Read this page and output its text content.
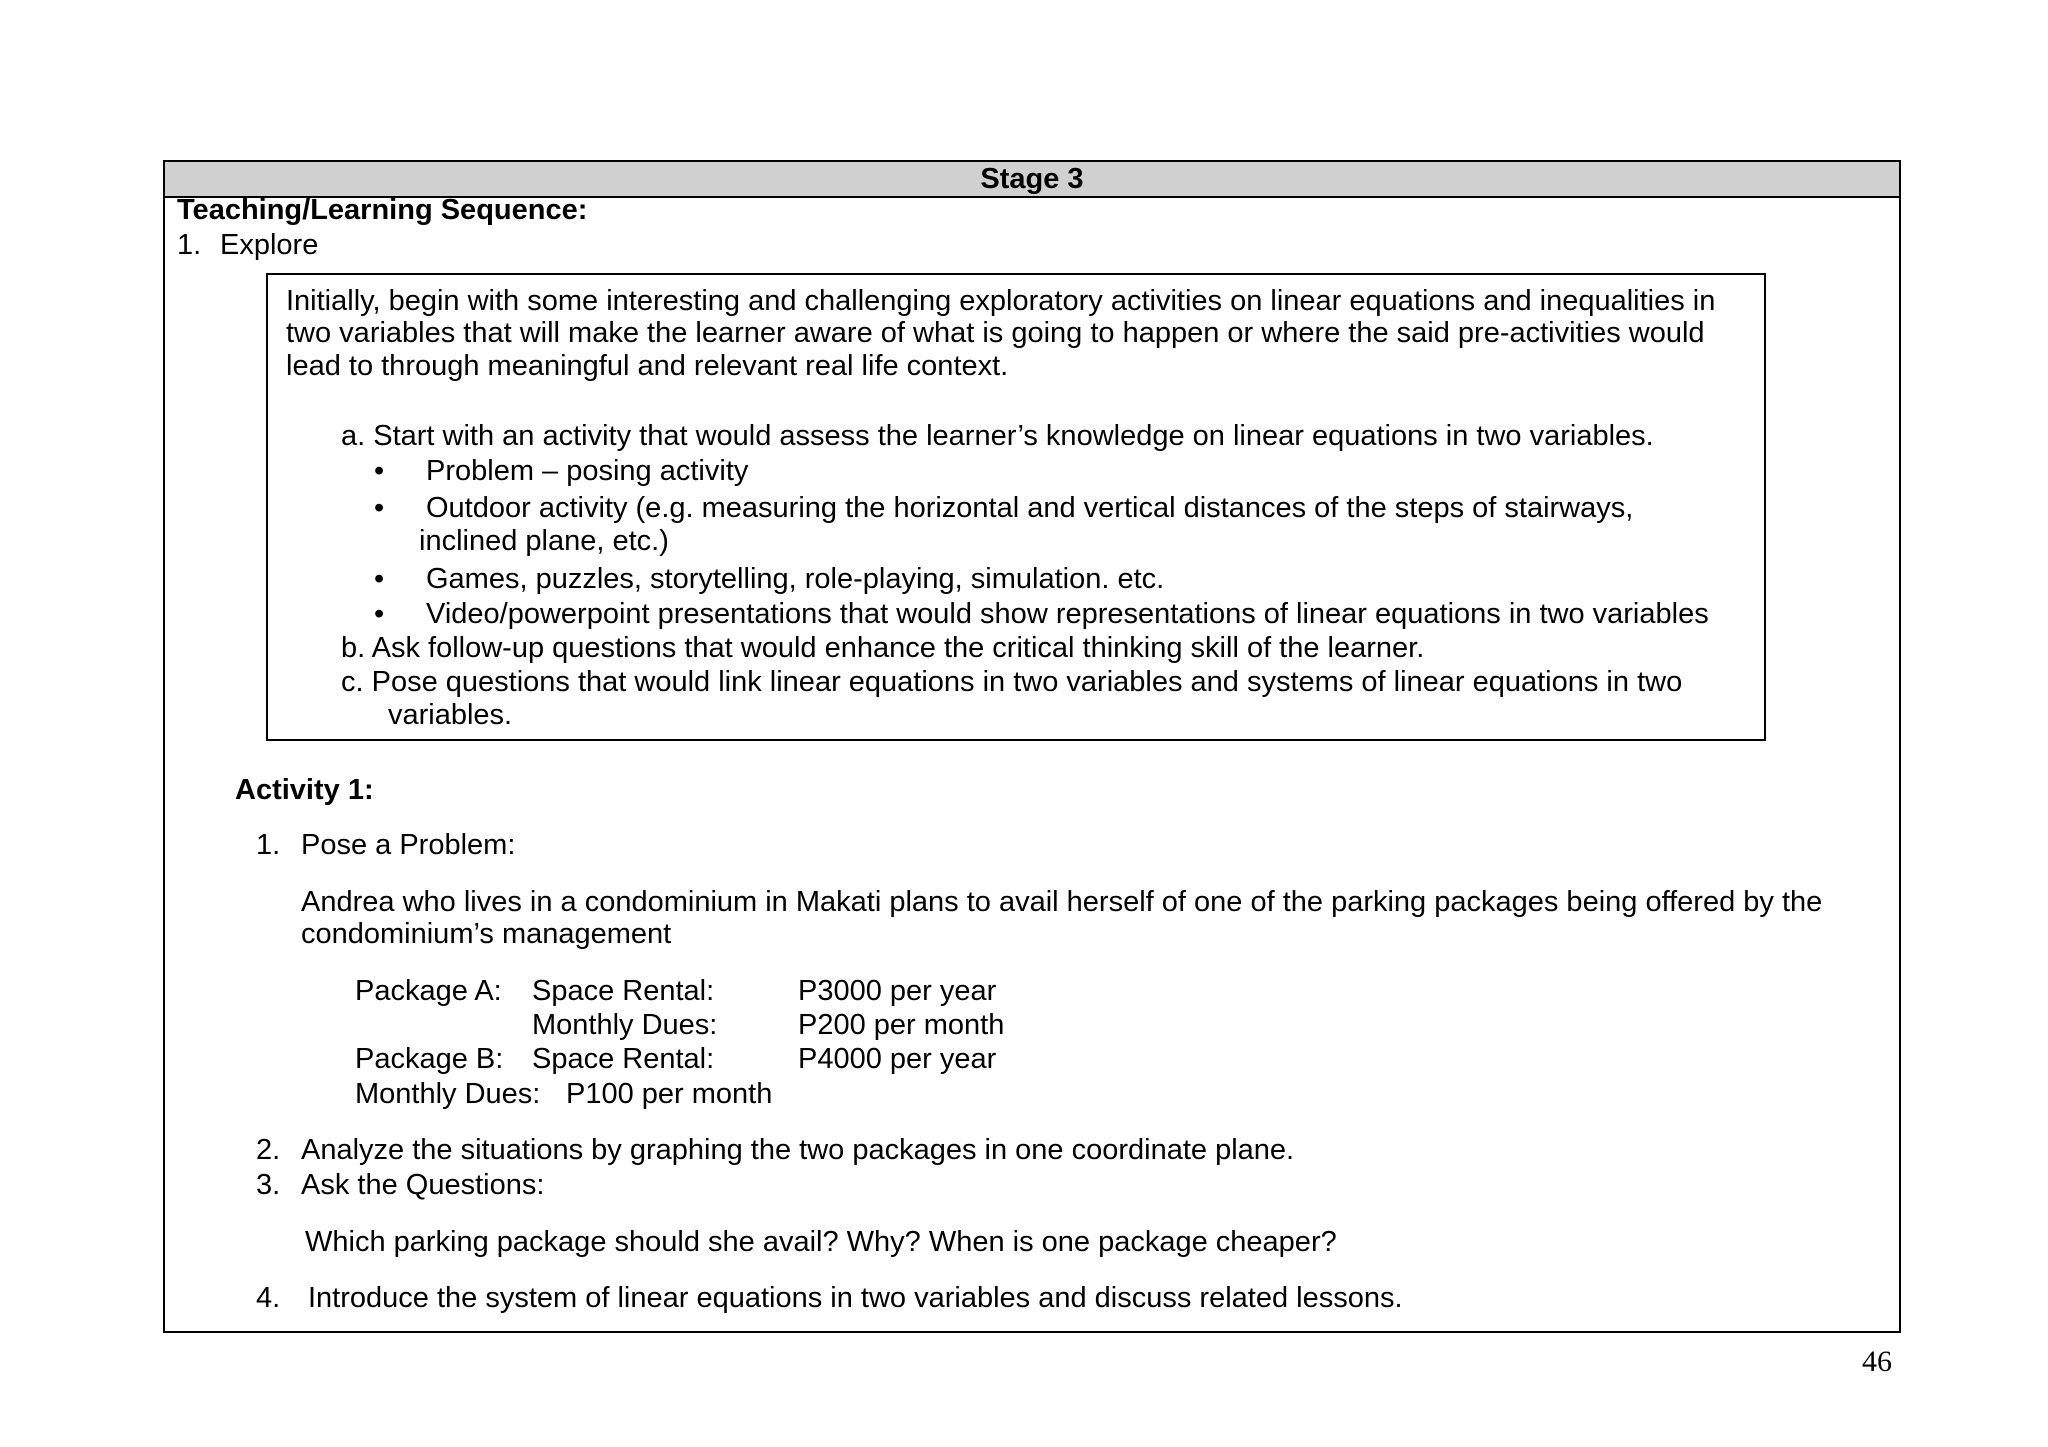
Stage 3
Teaching/Learning Sequence:
1. Explore
Initially, begin with some interesting and challenging exploratory activities on linear equations and inequalities in
two variables that will make the learner aware of what is going to happen or where the said pre-activities would
lead to through meaningful and relevant real life context.
a. Start with an activity that would assess the learner’s knowledge on linear equations in two variables.
• Problem – posing activity
• Outdoor activity (e.g. measuring the horizontal and vertical distances of the steps of stairways,
inclined plane, etc.)
• Games, puzzles, storytelling, role-playing, simulation. etc.
• Video/powerpoint presentations that would show representations of linear equations in two variables
b. Ask follow-up questions that would enhance the critical thinking skill of the learner.
c. Pose questions that would link linear equations in two variables and systems of linear equations in two
variables.
Activity 1:
1. Pose a Problem:
Andrea who lives in a condominium in Makati plans to avail herself of one of the parking packages being offered by the
condominium’s management
Package A: Space Rental:	P3000 per year
Monthly Dues:	P200 per month
Package B: Space Rental:	P4000 per year
Monthly Dues: P100 per month
2. Analyze the situations by graphing the two packages in one coordinate plane.
3. Ask the Questions:
Which parking package should she avail? Why? When is one package cheaper?
4. Introduce the system of linear equations in two variables and discuss related lessons.
46
